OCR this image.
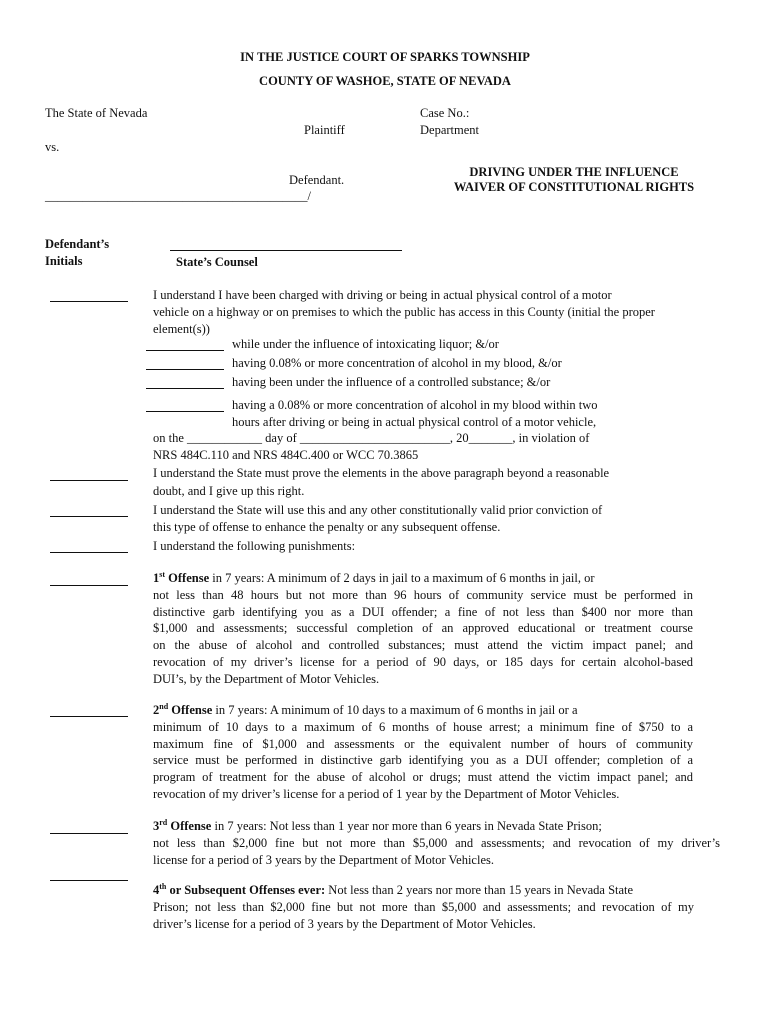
IN THE JUSTICE COURT OF SPARKS TOWNSHIP
COUNTY OF WASHOE, STATE OF NEVADA
The State of Nevada
Plaintiff
vs.
Defendant.
__________________________________________/
Case No.:
Department
DRIVING UNDER THE INFLUENCE
WAIVER OF CONSTITUTIONAL RIGHTS
Defendant’s
Initials	State’s Counsel
I understand I have been charged with driving or being in actual physical control of a motor
vehicle on a highway or on premises to which the public has access in this County (initial the proper
element(s))
while under the influence of intoxicating liquor; &/or
having 0.08% or more concentration of alcohol in my blood, &/or
having been under the influence of a controlled substance; &/or
having a 0.08% or more concentration of alcohol in my blood within two
hours after driving or being in actual physical control of a motor vehicle,
on the ____________ day of ________________________, 20_______, in violation of
NRS 484C.110 and NRS 484C.400 or WCC 70.3865
I understand the State must prove the elements in the above paragraph beyond a reasonable
doubt, and I give up this right.
I understand the State will use this and any other constitutionally valid prior conviction of
this type of offense to enhance the penalty or any subsequent offense.
I understand the following punishments:
1st Offense in 7 years: A minimum of 2 days in jail to a maximum of 6 months in jail, or
not less than 48 hours but not more than 96 hours of community service must be performed in
distinctive garb identifying you as a DUI offender; a fine of not less than $400 nor more than
$1,000 and assessments; successful completion of an approved educational or treatment course
on the abuse of alcohol and controlled substances; must attend the victim impact panel; and
revocation of my driver’s license for a period of 90 days, or 185 days for certain alcohol-based
DUI’s, by the Department of Motor Vehicles.
2nd Offense in 7 years: A minimum of 10 days to a maximum of 6 months in jail or a
minimum of 10 days to a maximum of 6 months of house arrest; a minimum fine of $750 to a
maximum fine of $1,000 and assessments or the equivalent number of hours of community
service must be performed in distinctive garb identifying you as a DUI offender; completion of a
program of treatment for the abuse of alcohol or drugs; must attend the victim impact panel; and
revocation of my driver’s license for a period of 1 year by the Department of Motor Vehicles.
3rd Offense in 7 years: Not less than 1 year nor more than 6 years in Nevada State Prison;
not less than $2,000 fine but not more than $5,000 and assessments; and revocation of my driver’s
license for a period of 3 years by the Department of Motor Vehicles.
4th or Subsequent Offenses ever: Not less than 2 years nor more than 15 years in Nevada State
Prison; not less than $2,000 fine but not more than $5,000 and assessments; and revocation of my
driver’s license for a period of 3 years by the Department of Motor Vehicles.
